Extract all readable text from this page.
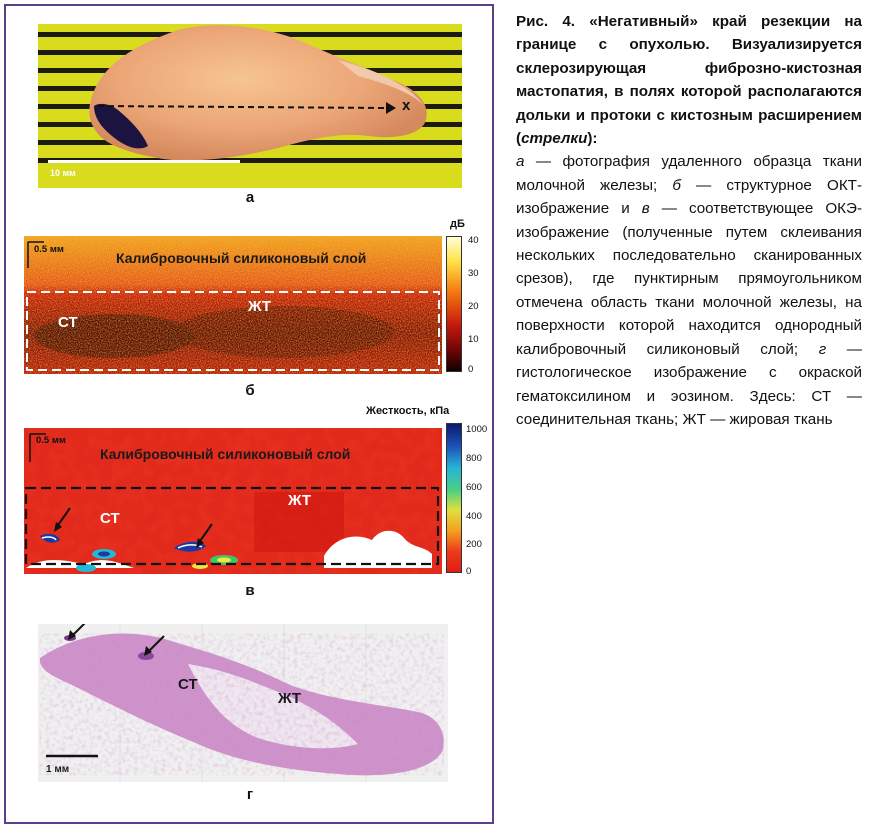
x
10 мм
а
0.5 мм
Калибровочный силиконовый слой
СТ
ЖТ
дБ
40
30
20
10
0
б
0.5 мм
Калибровочный силиконовый слой
СТ
ЖТ
Жесткость, кПа
1000
800
600
400
200
0
в
СТ
ЖТ
1 мм
г
Рис. 4. «Негативный» край резекции на границе с опухолью. Визуализируется склерозирующая фиброзно-кистозная мастопатия, в полях которой располагаются дольки и протоки с кистозным расширением (стрелки):
а — фотография удаленного образца ткани молочной железы; б — структурное ОКТ-изображение и в — соответствующее ОКЭ-изображение (полученные путем склеивания нескольких последовательно сканированных срезов), где пунктирным прямоугольником отмечена область ткани молочной железы, на поверхности которой находится однородный калибровочный силиконовый слой; г — гистологическое изображение с окраской гематоксилином и эозином. Здесь: СТ — соединительная ткань; ЖТ — жировая ткань
